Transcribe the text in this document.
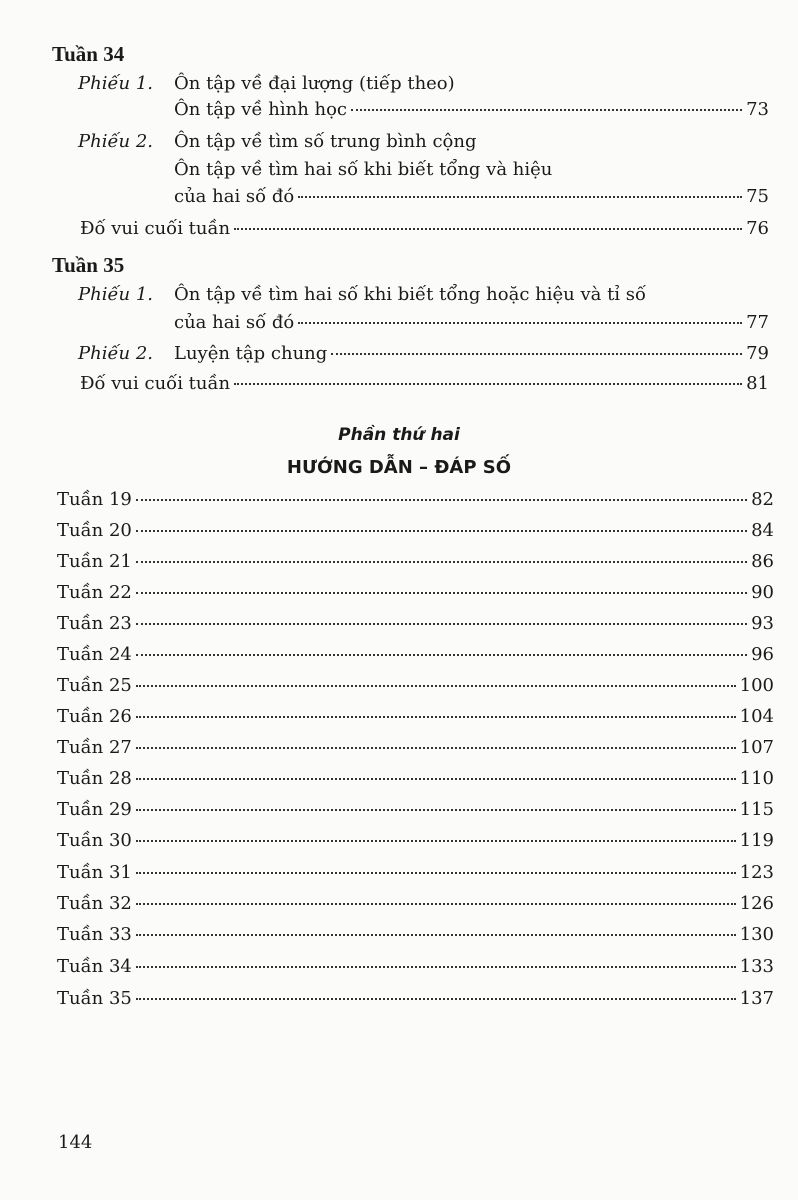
Tuần 34
Phiếu 1.	Ôn tập về đại lượng (tiếp theo)
Ôn tập về hình học	73
Phiếu 2.	Ôn tập về tìm số trung bình cộng
Ôn tập về tìm hai số khi biết tổng và hiệu
của hai số đó	75
Đố vui cuối tuần	76
Tuần 35
Phiếu 1.	Ôn tập về tìm hai số khi biết tổng hoặc hiệu và tỉ số
của hai số đó	77
Phiếu 2.	Luyện tập chung	79
Đố vui cuối tuần	81
Phần thứ hai
HƯỚNG DẪN – ĐÁP SỐ
Tuần 19	82
Tuần 20	84
Tuần 21	86
Tuần 22	90
Tuần 23	93
Tuần 24	96
Tuần 25	100
Tuần 26	104
Tuần 27	107
Tuần 28	110
Tuần 29	115
Tuần 30	119
Tuần 31	123
Tuần 32	126
Tuần 33	130
Tuần 34	133
Tuần 35	137
144
